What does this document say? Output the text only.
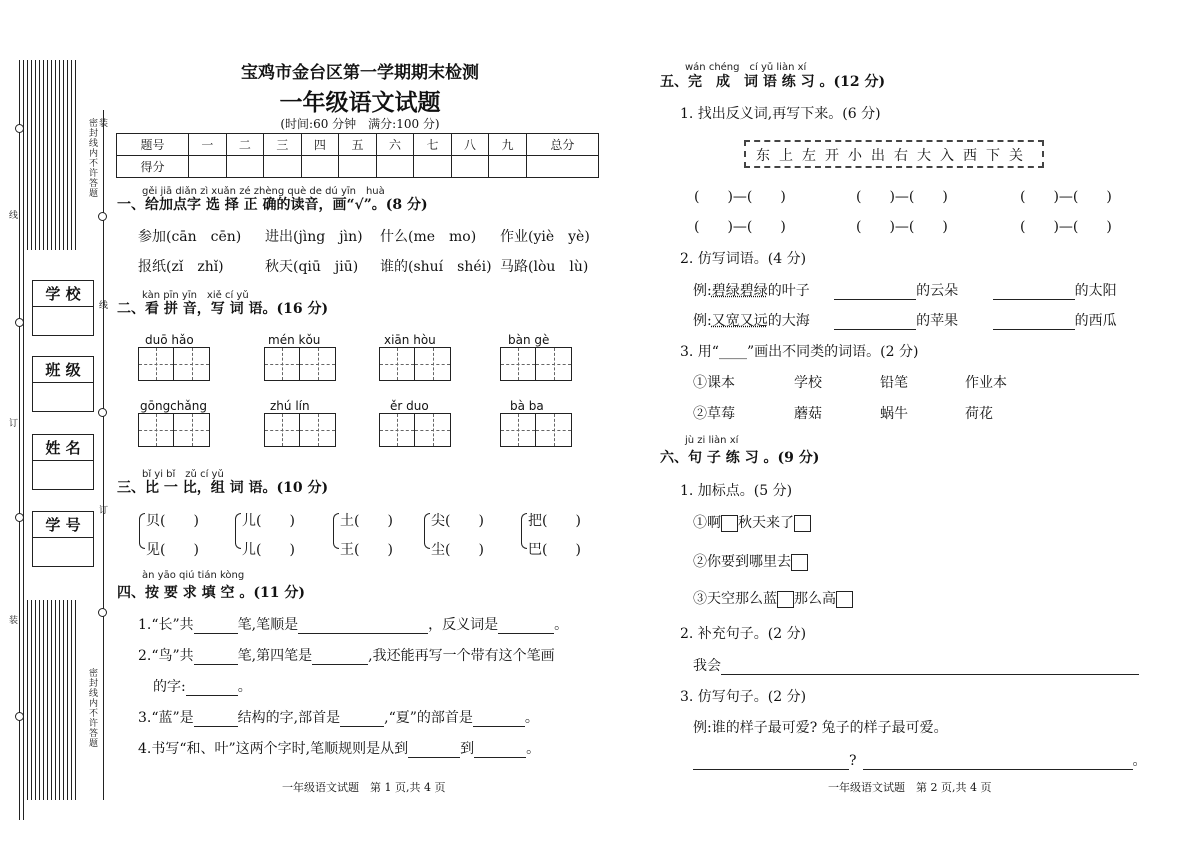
密封线内不许答题
密封线内不许答题
线
订
装
线
订
装
学 校
班 级
姓 名
学 号
宝鸡市金台区第一学期期末检测
一年级语文试题
(时间:60 分钟　满分:100 分)
题号	一	二	三	四	五	六	七	八	九	总分
得分										
gěi jiā diǎn zì xuǎn zé zhèng què de dú yīn　huà
一、给加点字 选 择 正 确的读音，画“√”。(8 分)
参加(cān　cēn) 进出(jìng　jìn) 什么(me　mo) 作业(yiè　yè)
报纸(zǐ　zhǐ)	秋天(qiū　jiū) 谁的(shuí　shéi) 马路(lòu　lù)
kàn pīn yīn　xiě cí yǔ
二、看 拼 音，写 词 语。(16 分)
duō hǎo	mén kǒu	xiān hòu	bàn gè
gōngchǎng	zhú lín	ěr duo	bà ba
bǐ yi bǐ　zǔ cí yǔ
三、比 一 比，组 词 语。(10 分)
贝(　　)
见(　　)
儿(　　)
儿(　　)
土(　　)
王(　　)
尖(　　)
尘(　　)
把(　　)
巴(　　)
àn yāo qiú tián kòng
四、按 要 求 填 空 。(11 分)
1.“长”共	笔,笔顺是	，反义词是	。
2.“鸟”共	笔,第四笔是	,我还能再写一个带有这个笔画
的字:	。
3.“蓝”是	结构的字,部首是	,“夏”的部首是	。
4.书写“和、叶”这两个字时,笔顺规则是从到	到	。
一年级语文试题　第 1 页,共 4 页
wán chéng　cí yǔ liàn xí
五、完　成　词 语 练 习 。(12 分)
1. 找出反义词,再写下来。(6 分)
东上左开小出右大入西下关
(　　)—(　　)	(　　)—(　　)	(　　)—(　　)
(　　)—(　　)	(　　)—(　　)	(　　)—(　　)
2. 仿写词语。(4 分)
例:碧绿碧绿的叶子	的云朵	的太阳
例:又宽又远的大海	的苹果	的西瓜
3. 用“____”画出不同类的词语。(2 分)
①课本	学校	铅笔	作业本
②草莓	蘑菇	蜗牛	荷花
jù zi liàn xí
六、句 子 练 习 。(9 分)
1. 加标点。(5 分)
①啊 秋天来了
②你要到哪里去
③天空那么蓝 那么高
2. 补充句子。(2 分)
我会
3. 仿写句子。(2 分)
例:谁的样子最可爱? 兔子的样子最可爱。
?	。
一年级语文试题　第 2 页,共 4 页
